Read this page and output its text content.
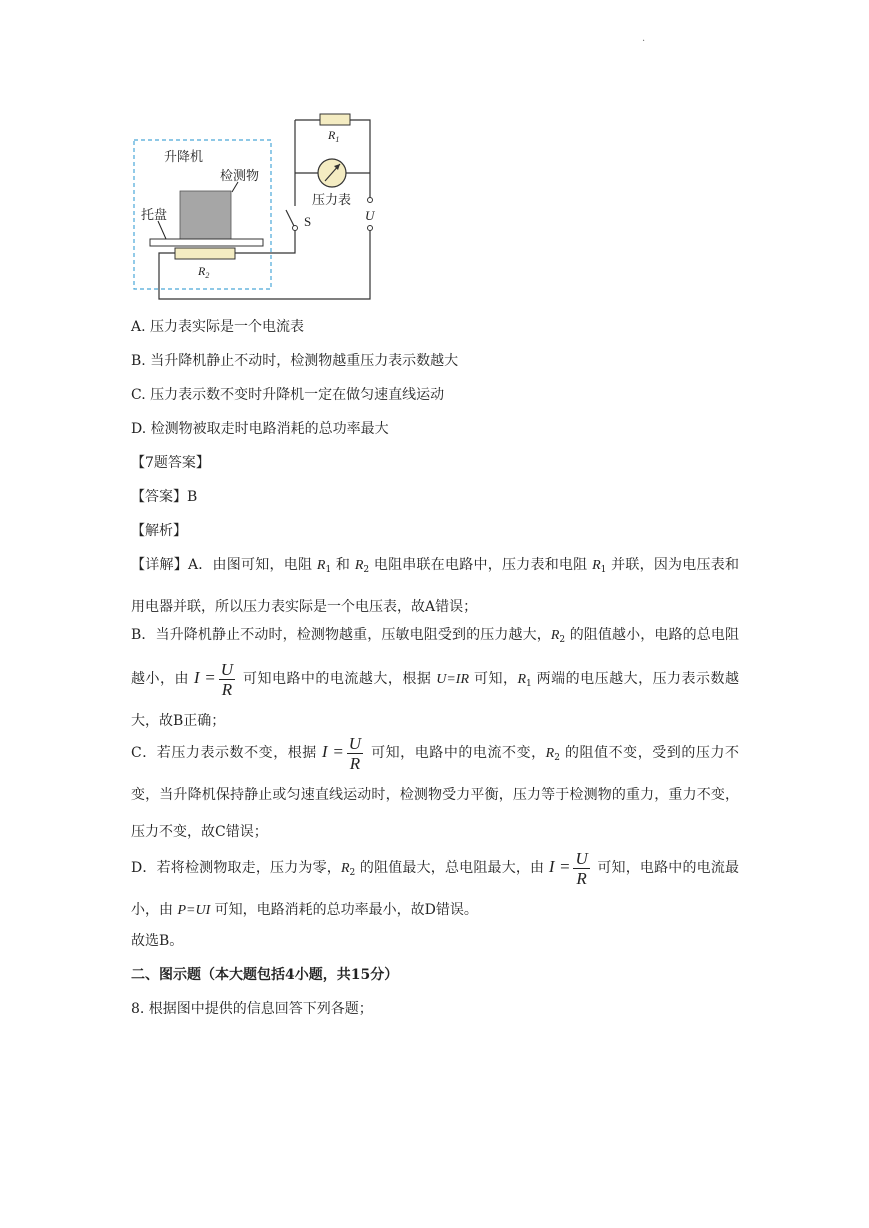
·
升降机
检测物
托盘
$R_2$
S
$R_1$
压力表
U
A. 压力表实际是一个电流表
B. 当升降机静止不动时，检测物越重压力表示数越大
C. 压力表示数不变时升降机一定在做匀速直线运动
D. 检测物被取走时电路消耗的总功率最大
【7题答案】
【答案】B
【解析】
【详解】A．由图可知，电阻 $R_1$ 和 $R_2$ 电阻串联在电路中，压力表和电阻 $R_1$ 并联，因为电压表和用电器并联，所以压力表实际是一个电压表，故A错误；
B．当升降机静止不动时，检测物越重，压敏电阻受到的压力越大，$R_2$ 的阻值越小，电路的总电阻越小，由 $I = \frac{U}{R}$ 可知电路中的电流越大，根据 U=IR 可知，$R_1$ 两端的电压越大，压力表示数越大，故B正确；
C．若压力表示数不变，根据 $I = \frac{U}{R}$ 可知，电路中的电流不变，$R_2$ 的阻值不变，受到的压力不变，当升降机保持静止或匀速直线运动时，检测物受力平衡，压力等于检测物的重力，重力不变，压力不变，故C错误；
D．若将检测物取走，压力为零，$R_2$ 的阻值最大，总电阻最大，由 $I = \frac{U}{R}$ 可知，电路中的电流最小，由 P=UI 可知，电路消耗的总功率最小，故D错误。
故选B。
二、图示题（本大题包括4小题，共15分）
8. 根据图中提供的信息回答下列各题；
